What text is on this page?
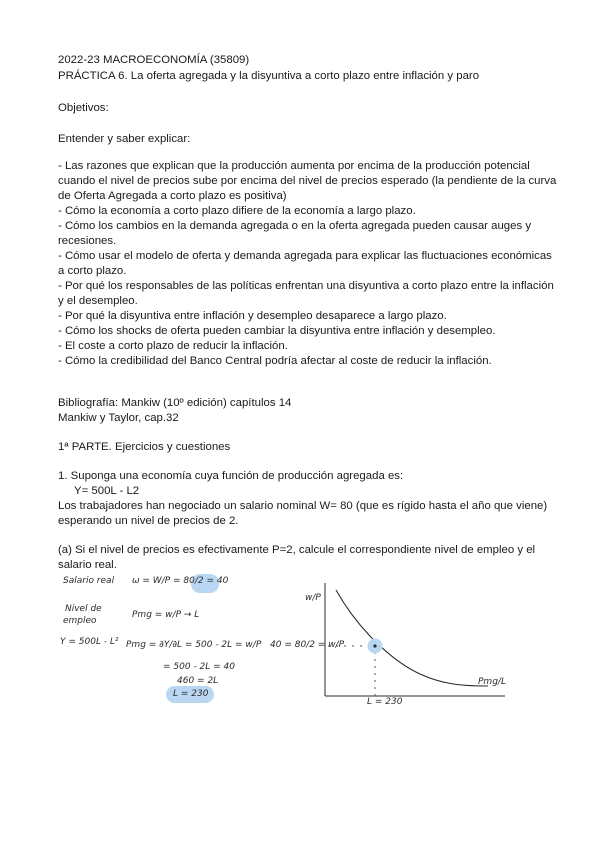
2022-23 MACROECONOMÍA (35809)
PRÁCTICA 6. La oferta agregada y la disyuntiva a corto plazo entre inflación y paro
Objetivos:
Entender y saber explicar:
- Las razones que explican que la producción aumenta por encima de la producción potencial
cuando el nivel de precios sube por encima del nivel de precios esperado (la pendiente de la curva
de Oferta Agregada a corto plazo es positiva)
- Cómo la economía a corto plazo difiere de la economía a largo plazo.
- Cómo los cambios en la demanda agregada o en la oferta agregada pueden causar auges y
recesiones.
- Cómo usar el modelo de oferta y demanda agregada para explicar las fluctuaciones económicas
a corto plazo.
- Por qué los responsables de las políticas enfrentan una disyuntiva a corto plazo entre la inflación
y el desempleo.
- Por qué la disyuntiva entre inflación y desempleo desaparece a largo plazo.
- Cómo los shocks de oferta pueden cambiar la disyuntiva entre inflación y desempleo.
- El coste a corto plazo de reducir la inflación.
- Cómo la credibilidad del Banco Central podría afectar al coste de reducir la inflación.
Bibliografía: Mankiw (10º edición) capítulos 14
Mankiw y Taylor, cap.32
1ª PARTE. Ejercicios y cuestiones
1. Suponga una economía cuya función de producción agregada es:
Y= 500L - L2
Los trabajadores han negociado un salario nominal W= 80 (que es rígido hasta el año que viene)
esperando un nivel de precios de 2.
(a) Si el nivel de precios es efectivamente P=2, calcule el correspondiente nivel de empleo y el
salario real.
Salario real ω = W/P = 80/2 = 40
Nivel de
empleo
Pmg = w/P → L
Y = 500L - L² Pmg = ∂Y/∂L = 500 - 2L = w/P
= 500 - 2L = 40
460 = 2L
L = 230
w/P
40 = 80/2 = w/P
Pmg/L
L = 230
